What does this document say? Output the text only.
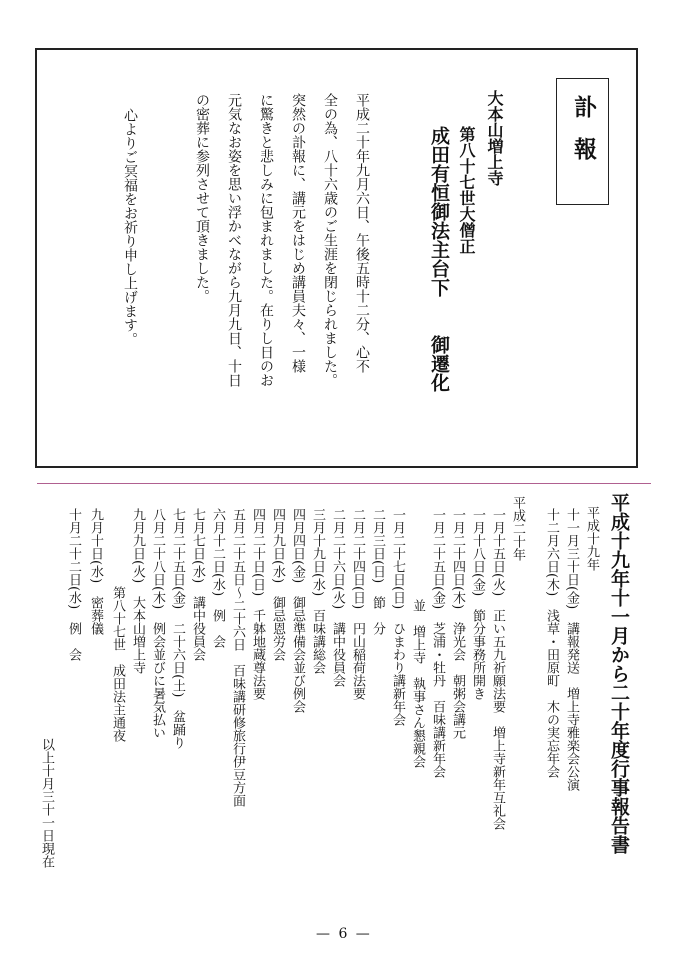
訃報
大本山増上寺
第八十七世大僧正
成田有恒御法主台下
御遷化
平成二十年九月六日、午後五時十二分、心不
全の為、八十六歳のご生涯を閉じられました。
突然の訃報に、講元をはじめ講員夫々、一様
に驚きと悲しみに包まれました。在りし日のお
元気なお姿を思い浮かべながら九月九日、十日
の密葬に参列させて頂きました。
心よりご冥福をお祈り申し上げます。
平成十九年十一月から二十年度行事報告書
平成十九年
十一月三十日(金)　講報発送　増上寺雅楽会公演
十二月六日(木)　浅草・田原町　木の実忘年会
平成二十年
一月十五日(火)　正い五九祈願法要　増上寺新年互礼会
一月十八日(金)　節分事務所開き
一月二十四日(木)　浄光会　朝粥会講元
一月二十五日(金)　芝浦・牡丹　百味講新年会
　　　　　　　並　増上寺　執事さん懇親会
一月二十七日(日)　ひまわり講新年会
二月三日(日)　節　分
二月二十四日(日)　円山稲荷法要
二月二十六日(火)　講中役員会
三月十九日(水)　百味講総会
四月四日(金)　御忌準備会並び例会
四月九日(水)　御忌恩労会
四月二十日(日)　千躰地蔵尊法要
五月二十五日～二十六日　百味講研修旅行伊豆方面
六月十二日(水)　例　会
七月七日(水)　講中役員会
七月二十五日(金)　二十六日(土)　盆踊り
八月二十八日(木)　例会並びに暑気払い
九月九日(火)　大本山増上寺
　　　　　　第八十七世　成田法主通夜
九月十日(水)　密葬儀
十月二十二日(水)　例　会
以上十月三十一日現在
— 6 —
